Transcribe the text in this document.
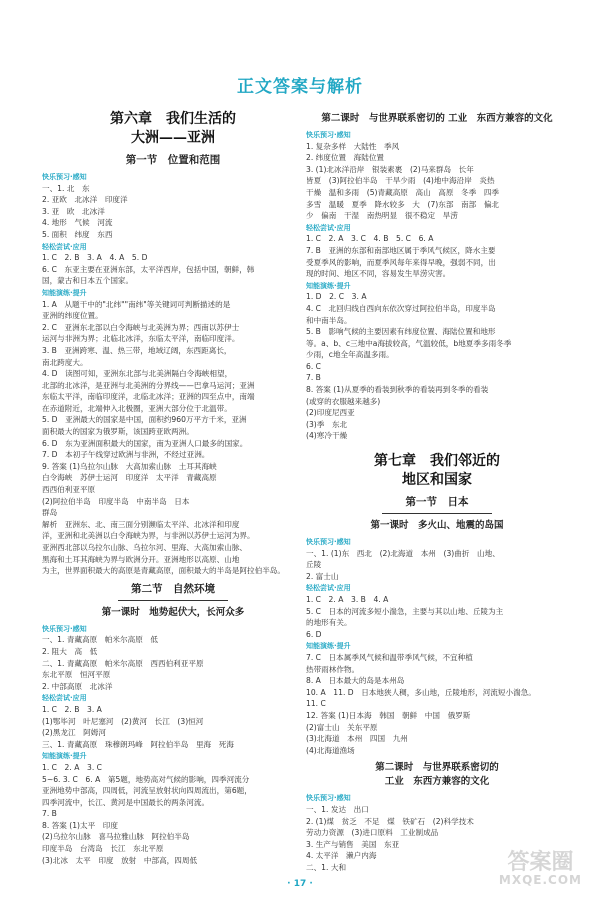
正文答案与解析
第六章　我们生活的
大洲——亚洲
第一节　位置和范围
快乐预习·感知
一、1. 北　东
2. 亚欧　北冰洋　印度洋
3. 亚　欧　北冰洋
4. 地形　气候　河流
5. 面积　纬度　东西
轻松尝试·应用
1. C　2. B　3. A　4. A　5. D
6. C　东亚主要在亚洲东部，太平洋西岸，包括中国，朝鲜，韩
国，蒙古和日本五个国家。
知能演练·提升
1. A　从题干中的"北纬""南纬"等关键词可判断描述的是
亚洲的纬度位置。
2. C　亚洲东北部以白令海峡与北美洲为界；西南以苏伊士
运河与非洲为界；北临北冰洋，东临太平洋，南临印度洋。
3. B　亚洲跨寒、温、热三带，地域辽阔，东西距离长，
南北跨度大。
4. D　读图可知，亚洲东北部与北美洲隔白令海峡相望，
北部的北冰洋，是亚洲与北美洲的分界线——巴拿马运河；亚洲
东临太平洋，南临印度洋，北临北冰洋；亚洲的四至点中，南端
在赤道附近，北端伸入北极圈，亚洲大部分位于北温带。
5. D　亚洲最大的国家是中国，面积约960万平方千米，亚洲
面积最大的国家为俄罗斯，该国跨亚欧两洲。
6. D　东为亚洲面积最大的国家，南为亚洲人口最多的国家。
7. D　本初子午线穿过欧洲与非洲，不经过亚洲。
9. 答案 (1)乌拉尔山脉　大高加索山脉　土耳其海峡
白令海峡　苏伊士运河　印度洋　太平洋　青藏高原
西西伯利亚平原
(2)阿拉伯半岛　印度半岛　中南半岛　日本
群岛
解析　亚洲东、北、南三面分别濒临太平洋、北冰洋和印度
洋，亚洲和北美洲以白令海峡为界，与非洲以苏伊士运河为界。
亚洲西北部以乌拉尔山脉、乌拉尔河、里海、大高加索山脉、
黑海和土耳其海峡为界与欧洲分开。亚洲地形以高原、山地
为主，世界面积最大的高原是青藏高原，面积最大的半岛是阿拉伯半岛。
第二节　自然环境
第一课时　地势起伏大，长河众多
快乐预习·感知
一、1. 青藏高原　帕米尔高原　低
2. 阻大　高　低
二、1. 青藏高原　帕米尔高原　西西伯利亚平原
东北平原　恒河平原
2. 中部高原　北冰洋
轻松尝试·应用
1. C　2. B　3. A
(1)鄂毕河　叶尼塞河　(2)黄河　长江　(3)恒河
(2)黑龙江　阿姆河
三、1. 青藏高原　珠穆朗玛峰　阿拉伯半岛　里海　死海
知能演练·提升
1. C　2. A　3. C
5~6. 3. C　6. A　第5题，地势高对气候的影响，四季河流分
亚洲地势中部高，四周低，河流呈放射状向四周流出，第6题，
四季河流中，长江、黄河是中国最长的两条河流。
7. B
8. 答案 (1)太平　印度
(2)乌拉尔山脉　喜马拉雅山脉　阿拉伯半岛
印度半岛　台湾岛　长江　东北平原
(3)北冰　太平　印度　放射　中部高，四周低
第二课时　与世界联系密切的 工业　东西方兼容的文化
快乐预习·感知
1. 复杂多样　大陆性　季风
2. 纬度位置　海陆位置
3. (1)北冰洋沿岸　银装素裹　(2)马来群岛　长年
皆夏　(3)阿拉伯半岛　干旱少雨　(4)地中海沿岸　炎热
干燥　温和多雨　(5)青藏高原　高山　高原　冬季　四季
多雪　温暖　夏季　降水较多　大　(7)东部　南部　偏北
少　偏南　干湿　南热明显　很不稳定　旱涝
轻松尝试·应用
1. C　2. A　3. C　4. B　5. C　6. A
7. B　亚洲的东部和南部地区属于季风气候区，降水主要
受夏季风的影响，而夏季风每年来得早晚，强弱不同，出
现的时间、地区不同，容易发生旱涝灾害。
知能演练·提升
1. D　2. C　3. A
4. C　北回归线自西向东依次穿过阿拉伯半岛，印度半岛
和中南半岛。
5. B　影响气候的主要因素有纬度位置、海陆位置和地形
等。a、b、c三地中a海拔较高，气温较低，b地夏季多雨冬季
少雨，c地全年高温多雨。
6. C
7. B
8. 答案 (1)从夏季的看装到秋季的看装再到冬季的看装
(或穿的衣服越来越多)
(2)印度尼西亚
(3)季　东北
(4)寒冷干燥
第七章　我们邻近的
地区和国家
第一节　日本
第一课时　多火山、地震的岛国
快乐预习·感知
一、1. (1)东　西北　(2)北海道　本州　(3)曲折　山地、
丘陵
2. 富士山
轻松尝试·应用
1. C　2. A　3. B　4. A
5. C　日本的河流多短小湍急，主要与其以山地、丘陵为主
的地形有关。
6. D
知能演练·提升
7. C　日本属季风气候和温带季风气候，不宜种植
热带雨林作物。
8. A　日本最大的岛是本州岛
10. A　11. D　日本地狭人稠，多山地，丘陵地形，河流短小湍急。
11. C
12. 答案 (1)日本海　韩国　朝鲜　中国　俄罗斯
(2)富士山　关东平原
(3)北海道　本州　四国　九州
(4)北海道渔场
第二课时　与世界联系密切的
工业　东西方兼容的文化
快乐预习·感知
一、1. 发达　出口
2. (1)煤　贫乏　不足　煤　铁矿石　(2)科学技术
劳动力资源　(3)进口原料　工业制成品
3. 生产与销售　美国　东亚
4. 太平洋　濑户内海
二、1. 大和
· 17 ·
答案圈
MXQE.COM
